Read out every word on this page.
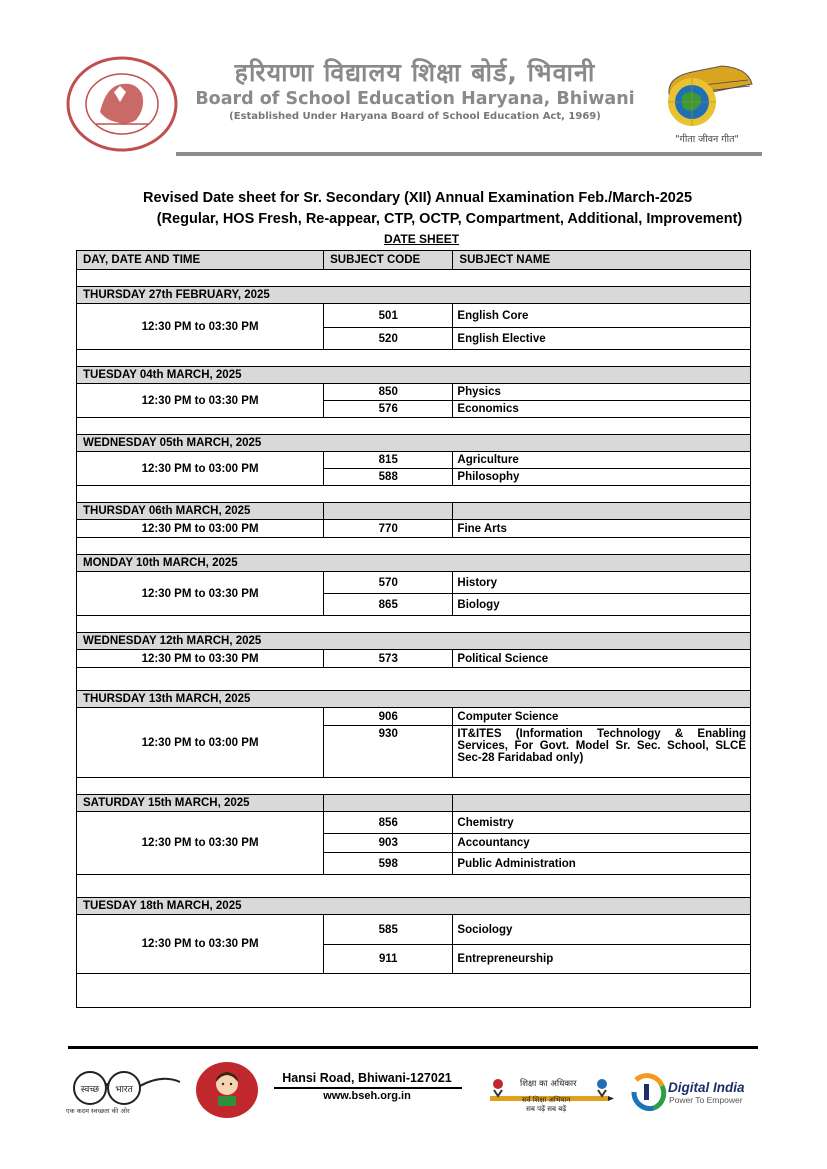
हरियाणा विद्यालय शिक्षा बोर्ड, भिवानी
Board of School Education Haryana, Bhiwani
(Established Under Haryana Board of School Education Act, 1969)
"गीता जीवन गीत"
Revised Date sheet for Sr. Secondary (XII) Annual Examination Feb./March-2025
(Regular, HOS Fresh, Re-appear, CTP, OCTP, Compartment, Additional, Improvement)
DATE SHEET
DAY, DATE AND TIME	SUBJECT CODE	SUBJECT NAME

THURSDAY 27th FEBRUARY, 2025		
12:30 PM to 03:30 PM	501	English Core
	520	English Elective

TUESDAY 04th MARCH, 2025		
12:30 PM to 03:30 PM	850	Physics
	576	Economics

WEDNESDAY 05th MARCH, 2025		
12:30 PM to 03:00 PM	815	Agriculture
	588	Philosophy

THURSDAY 06th MARCH, 2025		
12:30 PM to 03:00 PM	770	Fine Arts

MONDAY 10th MARCH, 2025		
12:30 PM to 03:30 PM	570	History
	865	Biology

WEDNESDAY 12th MARCH, 2025		
12:30 PM to 03:30 PM	573	Political Science

THURSDAY 13th MARCH, 2025		
12:30 PM to 03:00 PM	906	Computer Science
	930	IT&ITES (Information Technology & Enabling Services, For Govt. Model Sr. Sec. School, SLCE Sec-28 Faridabad only)

SATURDAY 15th MARCH, 2025		
12:30 PM to 03:30 PM	856	Chemistry
	903	Accountancy
	598	Public Administration

TUESDAY 18th MARCH, 2025		
12:30 PM to 03:30 PM	585	Sociology
	911	Entrepreneurship

स्वच्छ भारत
एक कदम स्वच्छता की ओर
Hansi Road, Bhiwani-127021
www.bseh.org.in
शिक्षा का अधिकार
सर्व शिक्षा अभियान
सब पढ़ें सब बढ़ें
Digital India
Power To Empower
